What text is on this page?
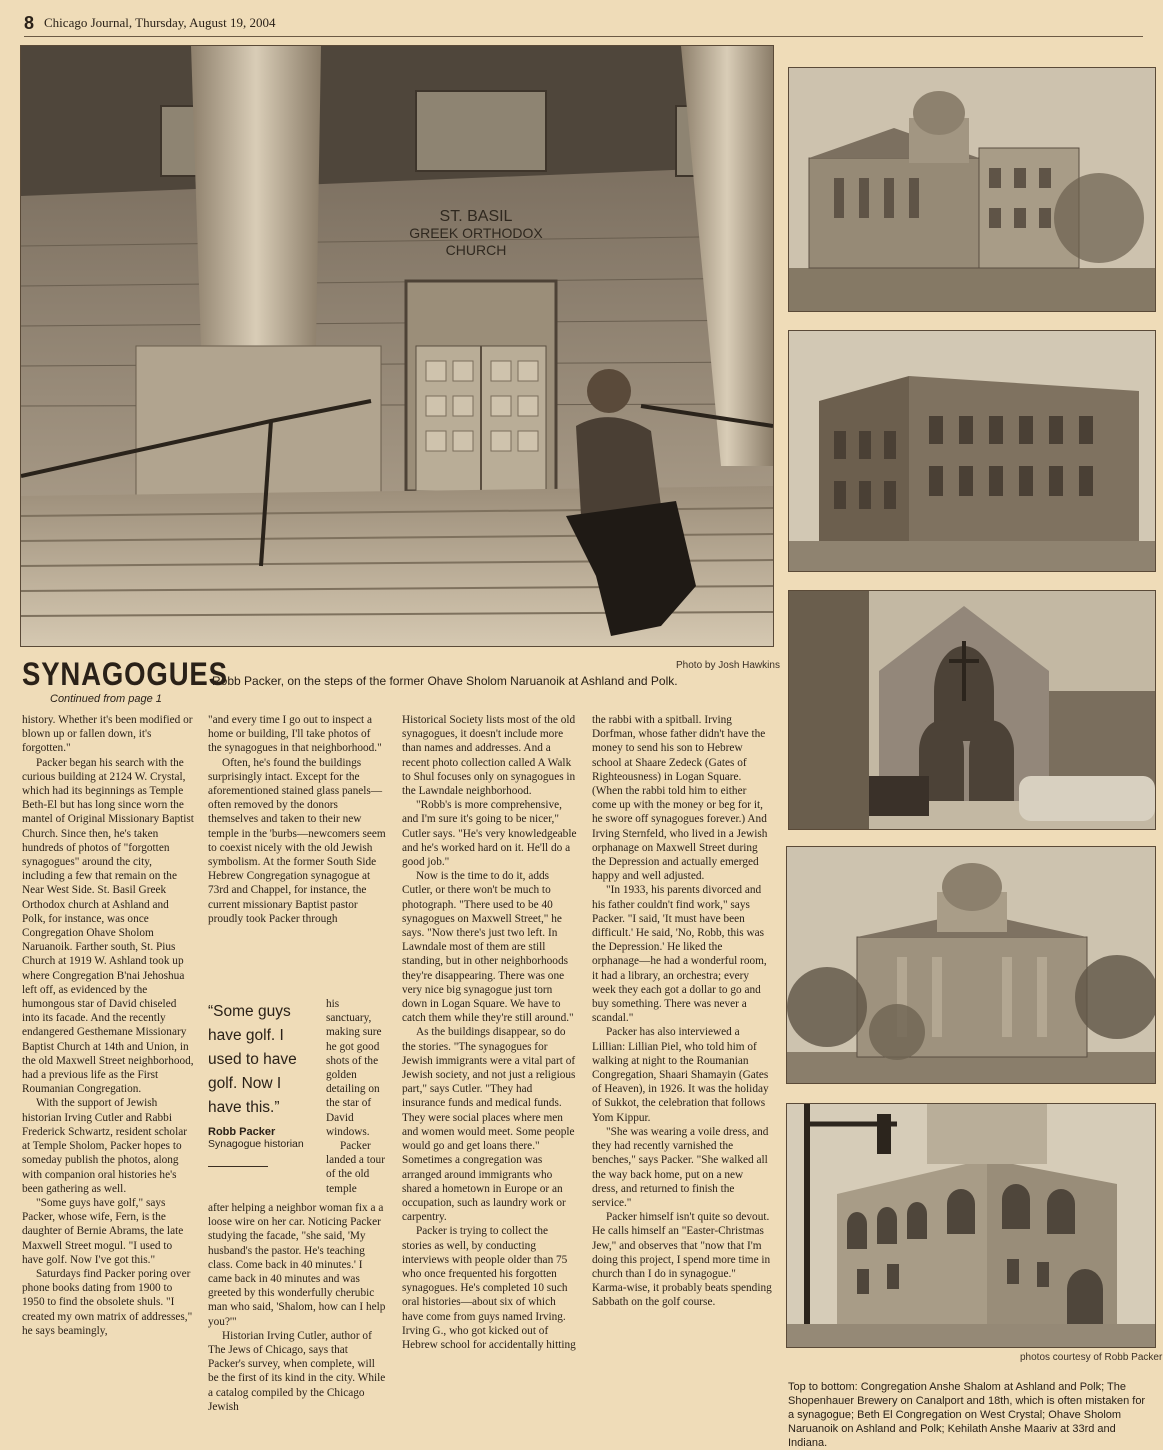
8 Chicago Journal, Thursday, August 19, 2004
ST. BASIL
GREEK ORTHODOX
CHURCH
Photo by Josh Hawkins
SYNAGOGUES
Continued from page 1
Robb Packer, on the steps of the former Ohave Sholom Naruanoik at Ashland and Polk.
photos courtesy of Robb Packer
Top to bottom: Congregation Anshe Shalom at Ashland and Polk; The Shopenhauer Brewery on Canalport and 18th, which is often mistaken for a synagogue; Beth El Congregation on West Crystal; Ohave Sholom Naruanoik on Ashland and Polk; Kehilath Anshe Maariv at 33rd and Indiana.

history. Whether it's been modified or blown up or fallen down, it's forgotten."

Packer began his search with the curious building at 2124 W. Crystal, which had its beginnings as Temple Beth-El but has long since worn the mantel of Original Missionary Baptist Church. Since then, he's taken hundreds of photos of "forgotten synagogues" around the city, including a few that remain on the Near West Side. St. Basil Greek Orthodox church at Ashland and Polk, for instance, was once Congregation Ohave Sholom Naruanoik. Farther south, St. Pius Church at 1919 W. Ashland took up where Congregation B'nai Jehoshua left off, as evidenced by the humongous star of David chiseled into its facade. And the recently endangered Gesthemane Missionary Baptist Church at 14th and Union, in the old Maxwell Street neighborhood, had a previous life as the First Roumanian Congregation.

With the support of Jewish historian Irving Cutler and Rabbi Frederick Schwartz, resident scholar at Temple Sholom, Packer hopes to someday publish the photos, along with companion oral histories he's been gathering as well.

"Some guys have golf," says Packer, whose wife, Fern, is the daughter of Bernie Abrams, the late Maxwell Street mogul. "I used to have golf. Now I've got this."

Saturdays find Packer poring over phone books dating from 1900 to 1950 to find the obsolete shuls. "I created my own matrix of addresses," he says beamingly,

"and every time I go out to inspect a home or building, I'll take photos of the synagogues in that neighborhood."

Often, he's found the buildings surprisingly intact. Except for the aforementioned stained glass panels—often removed by the donors themselves and taken to their new temple in the 'burbs—newcomers seem to coexist nicely with the old Jewish symbolism. At the former South Side Hebrew Congregation synagogue at 73rd and Chappel, for instance, the current missionary Baptist pastor proudly took Packer through

“Some guys have golf. I used to have golf. Now I have this.”
Robb Packer
Synagogue historian

his sanctuary, making sure he got good shots of the golden detailing on the star of David windows.

Packer landed a tour of the old temple

after helping a neighbor woman fix a a loose wire on her car. Noticing Packer studying the facade, "she said, 'My husband's the pastor. He's teaching class. Come back in 40 minutes.' I came back in 40 minutes and was greeted by this wonderfully cherubic man who said, 'Shalom, how can I help you?'"

Historian Irving Cutler, author of The Jews of Chicago, says that Packer's survey, when complete, will be the first of its kind in the city. While a catalog compiled by the Chicago Jewish

Historical Society lists most of the old synagogues, it doesn't include more than names and addresses. And a recent photo collection called A Walk to Shul focuses only on synagogues in the Lawndale neighborhood.

"Robb's is more comprehensive, and I'm sure it's going to be nicer," Cutler says. "He's very knowledgeable and he's worked hard on it. He'll do a good job."

Now is the time to do it, adds Cutler, or there won't be much to photograph. "There used to be 40 synagogues on Maxwell Street," he says. "Now there's just two left. In Lawndale most of them are still standing, but in other neighborhoods they're disappearing. There was one very nice big synagogue just torn down in Logan Square. We have to catch them while they're still around."

As the buildings disappear, so do the stories. "The synagogues for Jewish immigrants were a vital part of Jewish society, and not just a religious part," says Cutler. "They had insurance funds and medical funds. They were social places where men and women would meet. Some people would go and get loans there." Sometimes a congregation was arranged around immigrants who shared a hometown in Europe or an occupation, such as laundry work or carpentry.

Packer is trying to collect the stories as well, by conducting interviews with people older than 75 who once frequented his forgotten synagogues. He's completed 10 such oral histories—about six of which have come from guys named Irving. Irving G., who got kicked out of Hebrew school for accidentally hitting

the rabbi with a spitball. Irving Dorfman, whose father didn't have the money to send his son to Hebrew school at Shaare Zedeck (Gates of Righteousness) in Logan Square. (When the rabbi told him to either come up with the money or beg for it, he swore off synagogues forever.) And Irving Sternfeld, who lived in a Jewish orphanage on Maxwell Street during the Depression and actually emerged happy and well adjusted.

"In 1933, his parents divorced and his father couldn't find work," says Packer. "I said, 'It must have been difficult.' He said, 'No, Robb, this was the Depression.' He liked the orphanage—he had a wonderful room, it had a library, an orchestra; every week they each got a dollar to go and buy something. There was never a scandal."

Packer has also interviewed a Lillian: Lillian Piel, who told him of walking at night to the Roumanian Congregation, Shaari Shamayin (Gates of Heaven), in 1926. It was the holiday of Sukkot, the celebration that follows Yom Kippur.

"She was wearing a voile dress, and they had recently varnished the benches," says Packer. "She walked all the way back home, put on a new dress, and returned to finish the service."

Packer himself isn't quite so devout. He calls himself an "Easter-Christmas Jew," and observes that "now that I'm doing this project, I spend more time in church than I do in synagogue." Karma-wise, it probably beats spending Sabbath on the golf course.
